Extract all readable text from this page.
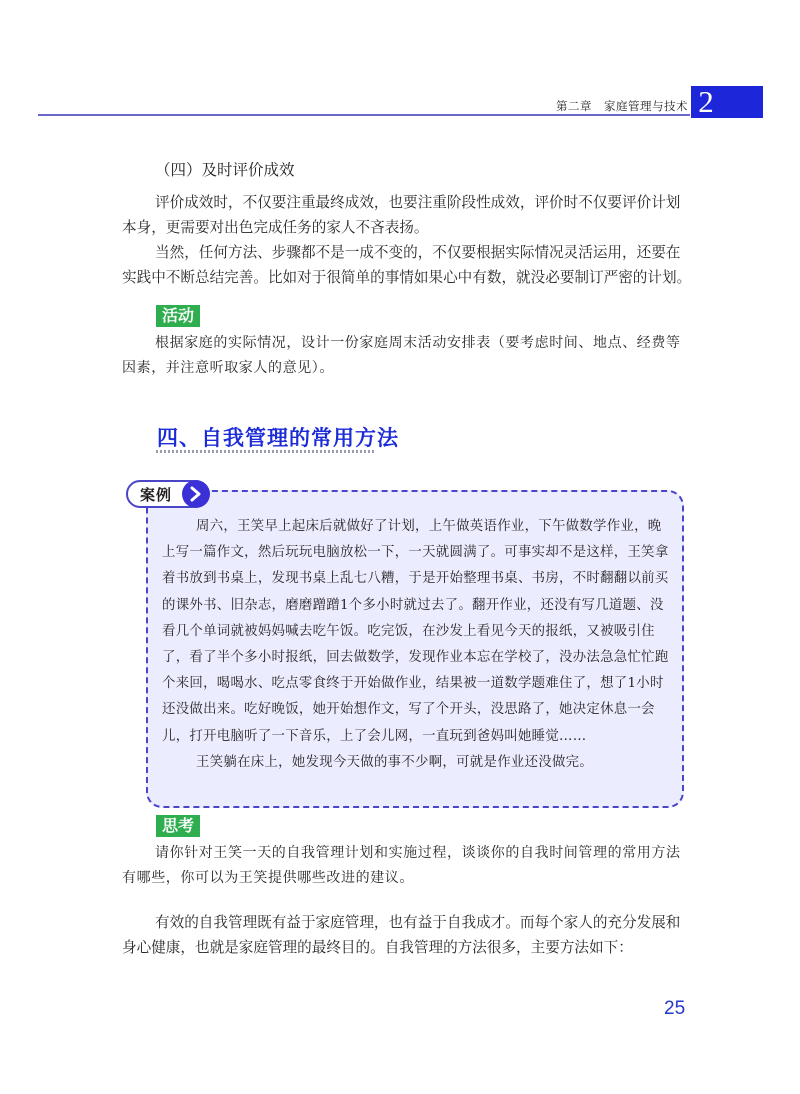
第二章　家庭管理与技术 2

（四）及时评价成效

评价成效时，不仅要注重最终成效，也要注重阶段性成效，评价时不仅要评价计划本身，更需要对出色完成任务的家人不吝表扬。

当然，任何方法、步骤都不是一成不变的，不仅要根据实际情况灵活运用，还要在实践中不断总结完善。比如对于很简单的事情如果心中有数，就没必要制订严密的计划。

活动

根据家庭的实际情况，设计一份家庭周末活动安排表（要考虑时间、地点、经费等因素，并注意听取家人的意见）。

四、自我管理的常用方法
案例

周六，王笑早上起床后就做好了计划，上午做英语作业，下午做数学作业，晚上写一篇作文，然后玩玩电脑放松一下，一天就圆满了。可事实却不是这样，王笑拿着书放到书桌上，发现书桌上乱七八糟，于是开始整理书桌、书房，不时翻翻以前买的课外书、旧杂志，磨磨蹭蹭1个多小时就过去了。翻开作业，还没有写几道题、没看几个单词就被妈妈喊去吃午饭。吃完饭，在沙发上看见今天的报纸，又被吸引住了，看了半个多小时报纸，回去做数学，发现作业本忘在学校了，没办法急急忙忙跑个来回，喝喝水、吃点零食终于开始做作业，结果被一道数学题难住了，想了1小时还没做出来。吃好晚饭，她开始想作文，写了个开头，没思路了，她决定休息一会儿，打开电脑听了一下音乐，上了会儿网，一直玩到爸妈叫她睡觉……

王笑躺在床上，她发现今天做的事不少啊，可就是作业还没做完。

思考

请你针对王笑一天的自我管理计划和实施过程，谈谈你的自我时间管理的常用方法有哪些，你可以为王笑提供哪些改进的建议。

有效的自我管理既有益于家庭管理，也有益于自我成才。而每个家人的充分发展和身心健康，也就是家庭管理的最终目的。自我管理的方法很多，主要方法如下：

25
